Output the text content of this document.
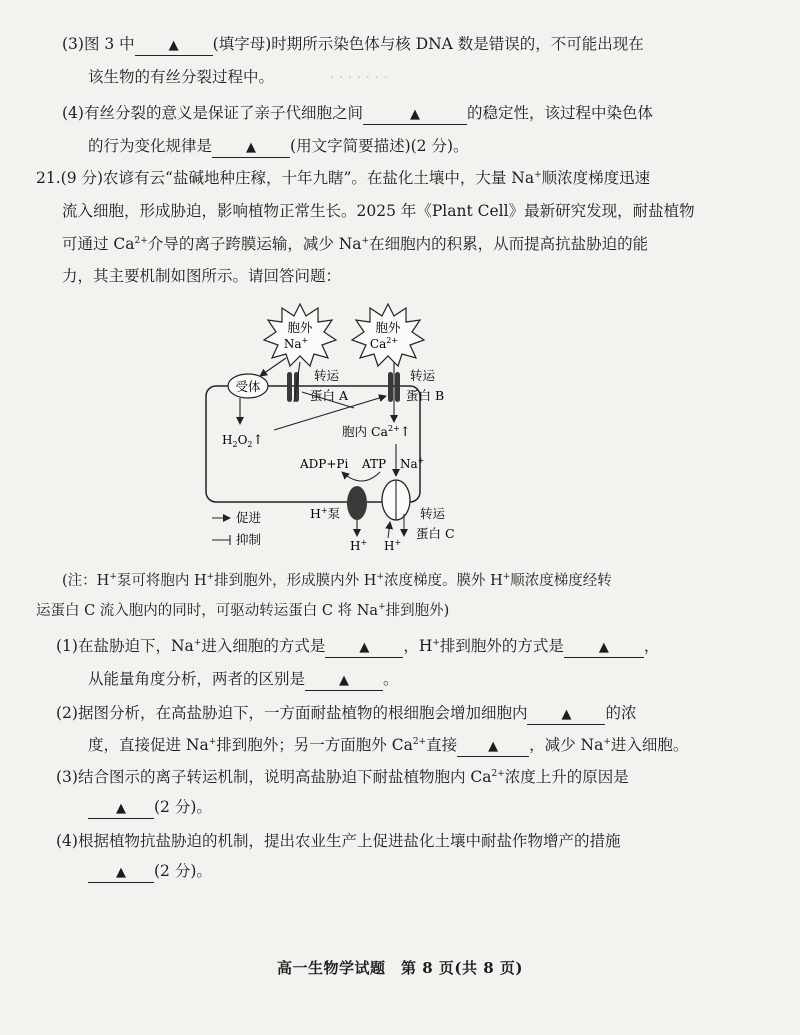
· · · · · · ·
(3)图 3 中	▲ (填字母)时期所示染色体与核 DNA 数是错误的，不可能出现在
该生物的有丝分裂过程中。
(4)有丝分裂的意义是保证了亲子代细胞之间	▲	的稳定性，该过程中染色体
的行为变化规律是	▲ (用文字简要描述)(2 分)。
21.(9 分)农谚有云“盐碱地种庄稼，十年九瞎”。在盐化土壤中，大量 Na+顺浓度梯度迅速
流入细胞，形成胁迫，影响植物正常生长。2025 年《Plant Cell》最新研究发现，耐盐植物
可通过 $Ca^{2+}$介导的离子跨膜运输，减少 Na+在细胞内的积累，从而提高抗盐胁迫的能
力，其主要机制如图所示。请回答问题：
胞外
Na+
胞外
$Ca^{2+}$
受体
转运
蛋白 A
转运
蛋白 B
$H_2O_2↑$
胞内 $Ca^{2+}↑$
ADP+Pi ATP Na+
H+泵
H+ H+
转运
蛋白 C
促进
抑制
(注：H+泵可将胞内 H+排到胞外，形成膜内外 H+浓度梯度。膜外 H+顺浓度梯度经转
运蛋白 C 流入胞内的同时，可驱动转运蛋白 C 将 Na+排到胞外)
(1)在盐胁迫下，Na+进入细胞的方式是	▲ ，H+排到胞外的方式是	▲ ，
从能量角度分析，两者的区别是	▲ 。
(2)据图分析，在高盐胁迫下，一方面耐盐植物的根细胞会增加细胞内	▲ 的浓
度，直接促进 Na+排到胞外；另一方面胞外 $Ca^{2+}$直接 ▲ ，减少 Na+进入细胞。
(3)结合图示的离子转运机制，说明高盐胁迫下耐盐植物胞内 $Ca^{2+}$浓度上升的原因是
▲ (2 分)。
(4)根据植物抗盐胁迫的机制，提出农业生产上促进盐化土壤中耐盐作物增产的措施
▲ (2 分)。
高一生物学试题　第 8 页(共 8 页)
